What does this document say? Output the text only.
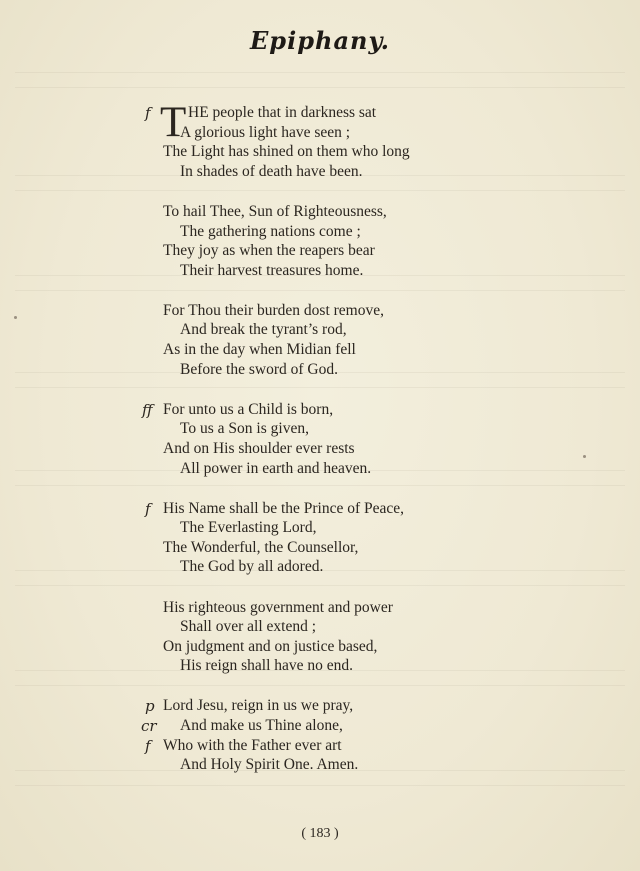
Epiphany.
T
f HE people that in darkness sat
A glorious light have seen ;
The Light has shined on them who long
In shades of death have been.
To hail Thee, Sun of Righteousness,
The gathering nations come ;
They joy as when the reapers bear
Their harvest treasures home.
For Thou their burden dost remove,
And break the tyrant’s rod,
As in the day when Midian fell
Before the sword of God.
ff For unto us a Child is born,
To us a Son is given,
And on His shoulder ever rests
All power in earth and heaven.
f His Name shall be the Prince of Peace,
The Everlasting Lord,
The Wonderful, the Counsellor,
The God by all adored.
His righteous government and power
Shall over all extend ;
On judgment and on justice based,
His reign shall have no end.
p Lord Jesu, reign in us we pray,
cr And make us Thine alone,
f Who with the Father ever art
And Holy Spirit One. Amen.
( 183 )
